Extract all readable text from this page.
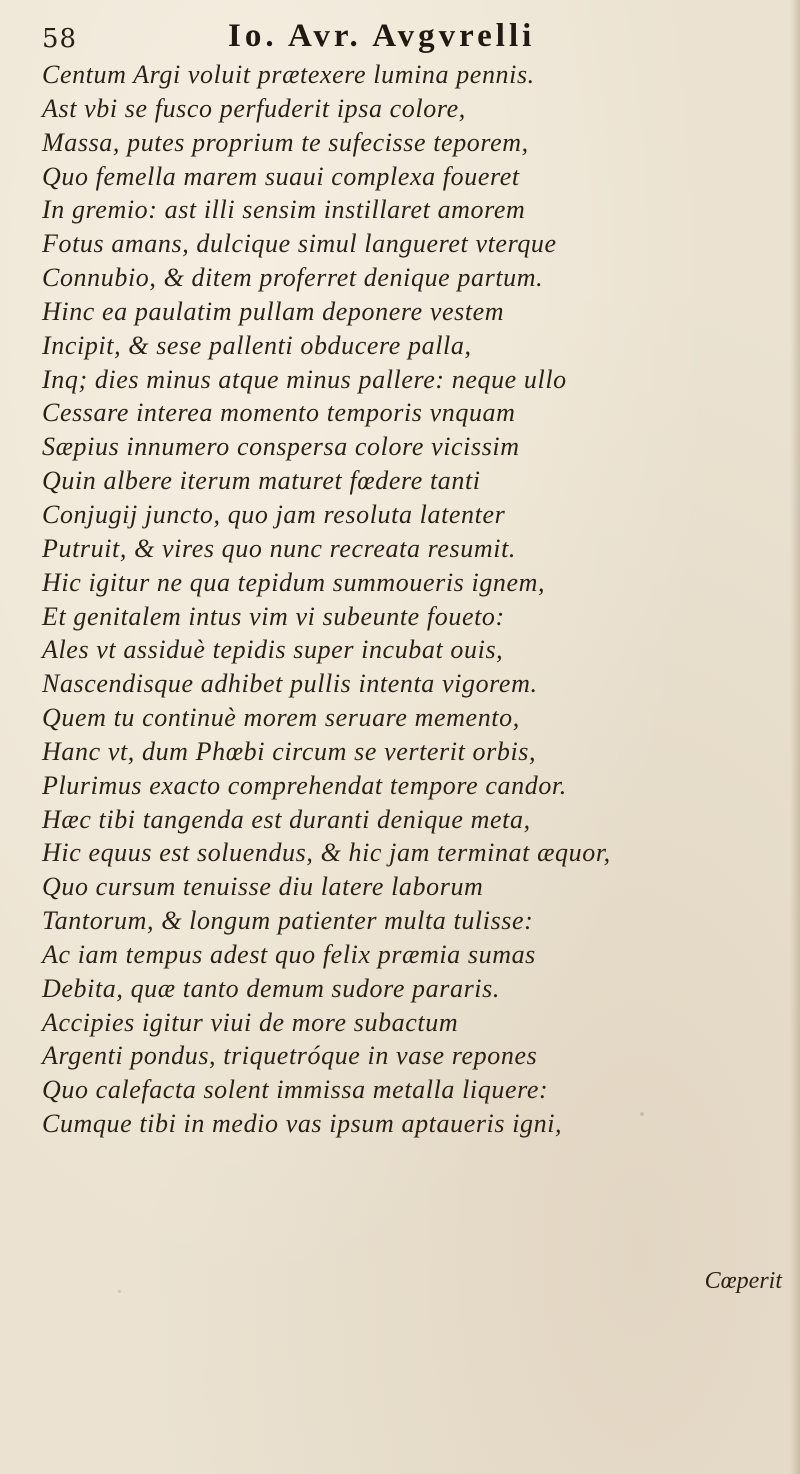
58	Io. Avr. Avgvrelli
Centum Argi voluit prætexere lumina pennis.
Ast vbi se fusco perfuderit ipsa colore,
Massa, putes proprium te sufecisse teporem,
Quo femella marem suaui complexa foueret
In gremio: ast illi sensim instillaret amorem
Fotus amans, dulcique simul langueret vterque
Connubio, & ditem proferret denique partum.
Hinc ea paulatim pullam deponere vestem
Incipit, & sese pallenti obducere palla,
Inq; dies minus atque minus pallere: neque ullo
Cessare interea momento temporis vnquam
Sæpius innumero conspersa colore vicissim
Quin albere iterum maturet fœdere tanti
Conjugij juncto, quo jam resoluta latenter
Putruit, & vires quo nunc recreata resumit.
Hic igitur ne qua tepidum summoueris ignem,
Et genitalem intus vim vi subeunte foueto:
Ales vt assiduè tepidis super incubat ouis,
Nascendisque adhibet pullis intenta vigorem.
Quem tu continuè morem seruare memento,
Hanc vt, dum Phœbi circum se verterit orbis,
Plurimus exacto comprehendat tempore candor.
Hæc tibi tangenda est duranti denique meta,
Hic equus est soluendus, & hic jam terminat æquor,
Quo cursum tenuisse diu latere laborum
Tantorum, & longum patienter multa tulisse:
Ac iam tempus adest quo felix præmia sumas
Debita, quæ tanto demum sudore pararis.
Accipies igitur viui de more subactum
Argenti pondus, triquetróque in vase repones
Quo calefacta solent immissa metalla liquere:
Cumque tibi in medio vas ipsum aptaueris igni,
Cœperit
